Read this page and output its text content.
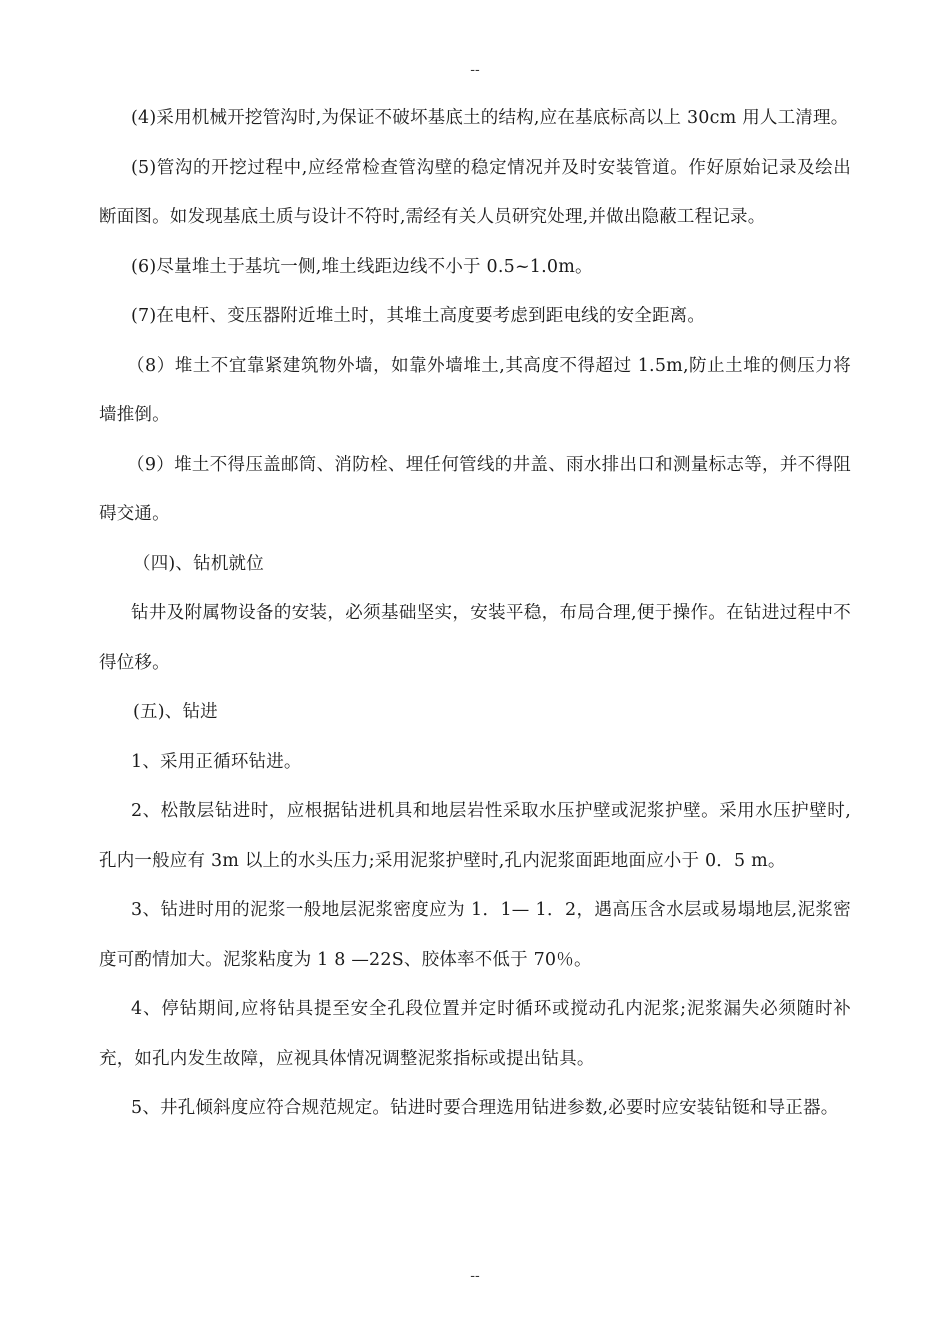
--

(4)采用机械开挖管沟时,为保证不破坏基底土的结构,应在基底标高以上 30cm 用人工清理。

(5)管沟的开挖过程中,应经常检查管沟壁的稳定情况并及时安装管道。作好原始记录及绘出断面图。如发现基底土质与设计不符时,需经有关人员研究处理,并做出隐蔽工程记录。

(6)尽量堆土于基坑一侧,堆土线距边线不小于 0.5~1.0m。

(7)在电杆、变压器附近堆土时，其堆土高度要考虑到距电线的安全距离。

（8）堆土不宜靠紧建筑物外墙，如靠外墙堆土,其高度不得超过 1.5m,防止土堆的侧压力将墙推倒。

（9）堆土不得压盖邮筒、消防栓、埋任何管线的井盖、雨水排出口和测量标志等，并不得阻碍交通。

（四)、钻机就位

钻井及附属物设备的安装，必须基础坚实，安装平稳，布局合理,便于操作。在钻进过程中不得位移。

(五)、钻进

1、采用正循环钻进。

2、松散层钻进时，应根据钻进机具和地层岩性采取水压护壁或泥浆护壁。采用水压护壁时,孔内一般应有 3m 以上的水头压力;采用泥浆护壁时,孔内泥浆面距地面应小于 0．5 m。

3、钻进时用的泥浆一般地层泥浆密度应为 1．1— 1．2，遇高压含水层或易塌地层,泥浆密度可酌情加大。泥浆粘度为 1 8 —22S、胶体率不低于 70％。

4、停钻期间,应将钻具提至安全孔段位置并定时循环或搅动孔内泥浆;泥浆漏失必须随时补充，如孔内发生故障，应视具体情况调整泥浆指标或提出钻具。

5、井孔倾斜度应符合规范规定。钻进时要合理选用钻进参数,必要时应安装钻铤和导正器。

--
